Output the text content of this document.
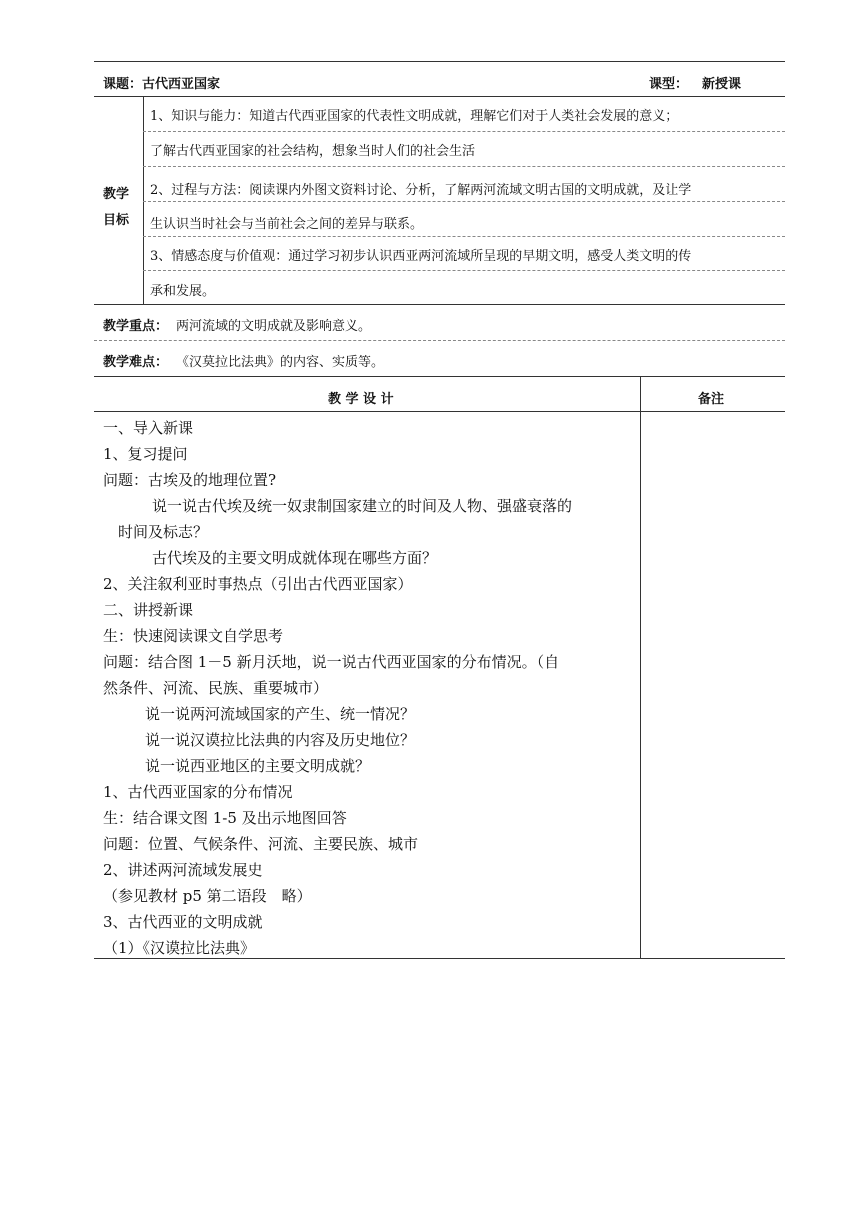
课题： 古代西亚国家	课型： 新授课
教学
目标
1、知识与能力：知道古代西亚国家的代表性文明成就，理解它们对于人类社会发展的意义；
了解古代西亚国家的社会结构，想象当时人们的社会生活
2、过程与方法：阅读课内外图文资料讨论、分析，了解两河流域文明古国的文明成就，及让学
生认识当时社会与当前社会之间的差异与联系。
3、情感态度与价值观：通过学习初步认识西亚两河流域所呈现的早期文明，感受人类文明的传
承和发展。
教学重点： 两河流域的文明成就及影响意义。
教学难点： 《汉莫拉比法典》的内容、实质等。
教 学 设 计	备注
一、导入新课
1、复习提问
问题：古埃及的地理位置?
说一说古代埃及统一奴隶制国家建立的时间及人物、强盛衰落的
时间及标志？
古代埃及的主要文明成就体现在哪些方面？
2、关注叙利亚时事热点（引出古代西亚国家）
二、讲授新课
生：快速阅读课文自学思考
问题：结合图 1－5 新月沃地，说一说古代西亚国家的分布情况。（自
然条件、河流、民族、重要城市）
说一说两河流域国家的产生、统一情况？
说一说汉谟拉比法典的内容及历史地位？
说一说西亚地区的主要文明成就？
1、古代西亚国家的分布情况
生：结合课文图 1-5 及出示地图回答
问题：位置、气候条件、河流、主要民族、城市
2、讲述两河流域发展史
（参见教材 p5 第二语段　略）
3、古代西亚的文明成就
（1）《汉谟拉比法典》
